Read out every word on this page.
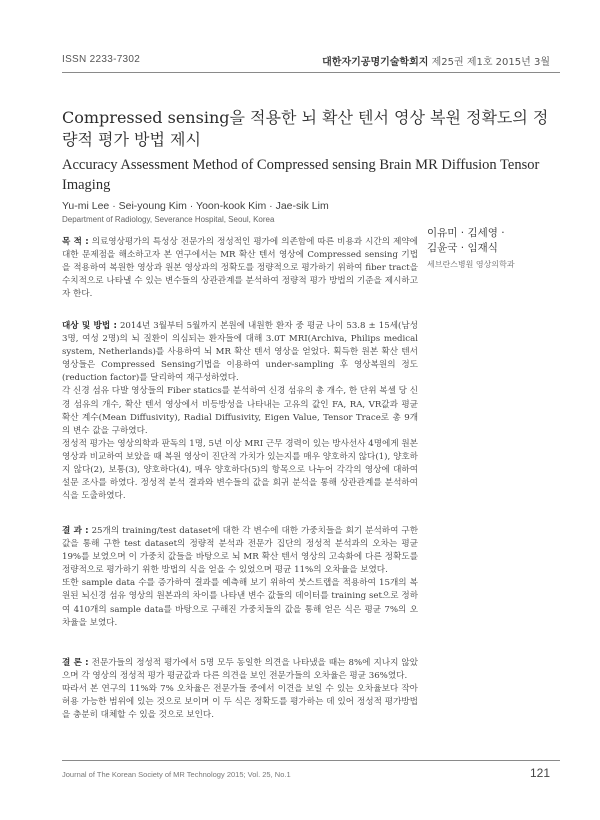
ISSN 2233-7302	대한자기공명기술학회지 제25권 제1호 2015년 3월
Compressed sensing을 적용한 뇌 확산 텐서 영상 복원 정확도의 정량적 평가 방법 제시
Accuracy Assessment Method of Compressed sensing Brain MR Diffusion Tensor Imaging
Yu-mi Lee · Sei-young Kim · Yoon-kook Kim · Jae-sik Lim
Department of Radiology, Severance Hospital, Seoul, Korea
이유미 · 김세영 ·
김윤국 · 임재식
세브란스병원 영상의학과

목 적 : 의료영상평가의 특성상 전문가의 정성적인 평가에 의존함에 따른 비용과 시간의 제약에 대한 문제점을 해소하고자 본 연구에서는 MR 확산 텐서 영상에 Compressed sensing 기법을 적용하여 복원한 영상과 원본 영상과의 정확도를 정량적으로 평가하기 위하여 fiber tract을 수치적으로 나타낼 수 있는 변수들의 상관관계를 분석하여 정량적 평가 방법의 기준을 제시하고자 한다.

대상 및 방법 : 2014년 3월부터 5월까지 본원에 내원한 환자 중 평균 나이 53.8 ± 15세(남성 3명, 여성 2명)의 뇌 질환이 의심되는 환자들에 대해 3.0T MRI(Archiva, Philips medical system, Netherlands)를 사용하여 뇌 MR 확산 텐서 영상을 얻었다. 획득한 원본 확산 텐서 영상들은 Compressed Sensing기법을 이용하여 under-sampling 후 영상복원의 정도(reduction factor)를 달리하여 재구성하였다.

각 신경 섬유 다발 영상들의 Fiber statics를 분석하여 신경 섬유의 총 개수, 한 단위 복셀 당 신경 섬유의 개수, 확산 텐서 영상에서 비등방성을 나타내는 고유의 값인 FA, RA, VR값과 평균 확산 계수(Mean Diffusivity), Radial Diffusivity, Eigen Value, Tensor Trace로 총 9개의 변수 값을 구하였다.

정성적 평가는 영상의학과 판독의 1명, 5년 이상 MRI 근무 경력이 있는 방사선사 4명에게 원본 영상과 비교하여 보았을 때 복원 영상이 진단적 가치가 있는지를 매우 양호하지 않다(1), 양호하지 않다(2), 보통(3), 양호하다(4), 매우 양호하다(5)의 항목으로 나누어 각각의 영상에 대하여 설문 조사를 하였다. 정성적 분석 결과와 변수들의 값을 회귀 분석을 통해 상관관계를 분석하여 식을 도출하였다.

결 과 : 25개의 training/test dataset에 대한 각 변수에 대한 가중치들을 회기 분석하여 구한 값을 통해 구한 test dataset의 정량적 분석과 전문가 집단의 정성적 분석과의 오차는 평균 19%를 보였으며 이 가중치 값들을 바탕으로 뇌 MR 확산 텐서 영상의 고속화에 다른 정확도를 정량적으로 평가하기 위한 방법의 식을 얻을 수 있었으며 평균 11%의 오차율을 보였다.

또한 sample data 수를 증가하여 결과를 예측해 보기 위하여 붓스트랩을 적용하여 15개의 복원된 뇌신경 섬유 영상의 원본과의 차이를 나타낸 변수 값들의 데이터를 training set으로 정하여 410개의 sample data를 바탕으로 구해진 가중치들의 값을 통해 얻은 식은 평균 7%의 오차율을 보였다.

결 론 : 전문가들의 정성적 평가에서 5명 모두 동일한 의견을 나타냈을 때는 8%에 지나지 않았으며 각 영상의 정성적 평가 평균값과 다른 의견을 보인 전문가들의 오차율은 평균 36%였다.

따라서 본 연구의 11%와 7% 오차율은 전문가들 중에서 이견을 보일 수 있는 오차율보다 작아 허용 가능한 범위에 있는 것으로 보이며 이 두 식은 정확도를 평가하는 데 있어 정성적 평가방법을 충분히 대체할 수 있을 것으로 보인다.

Journal of The Korean Society of MR Technology 2015; Vol. 25, No.1	121
